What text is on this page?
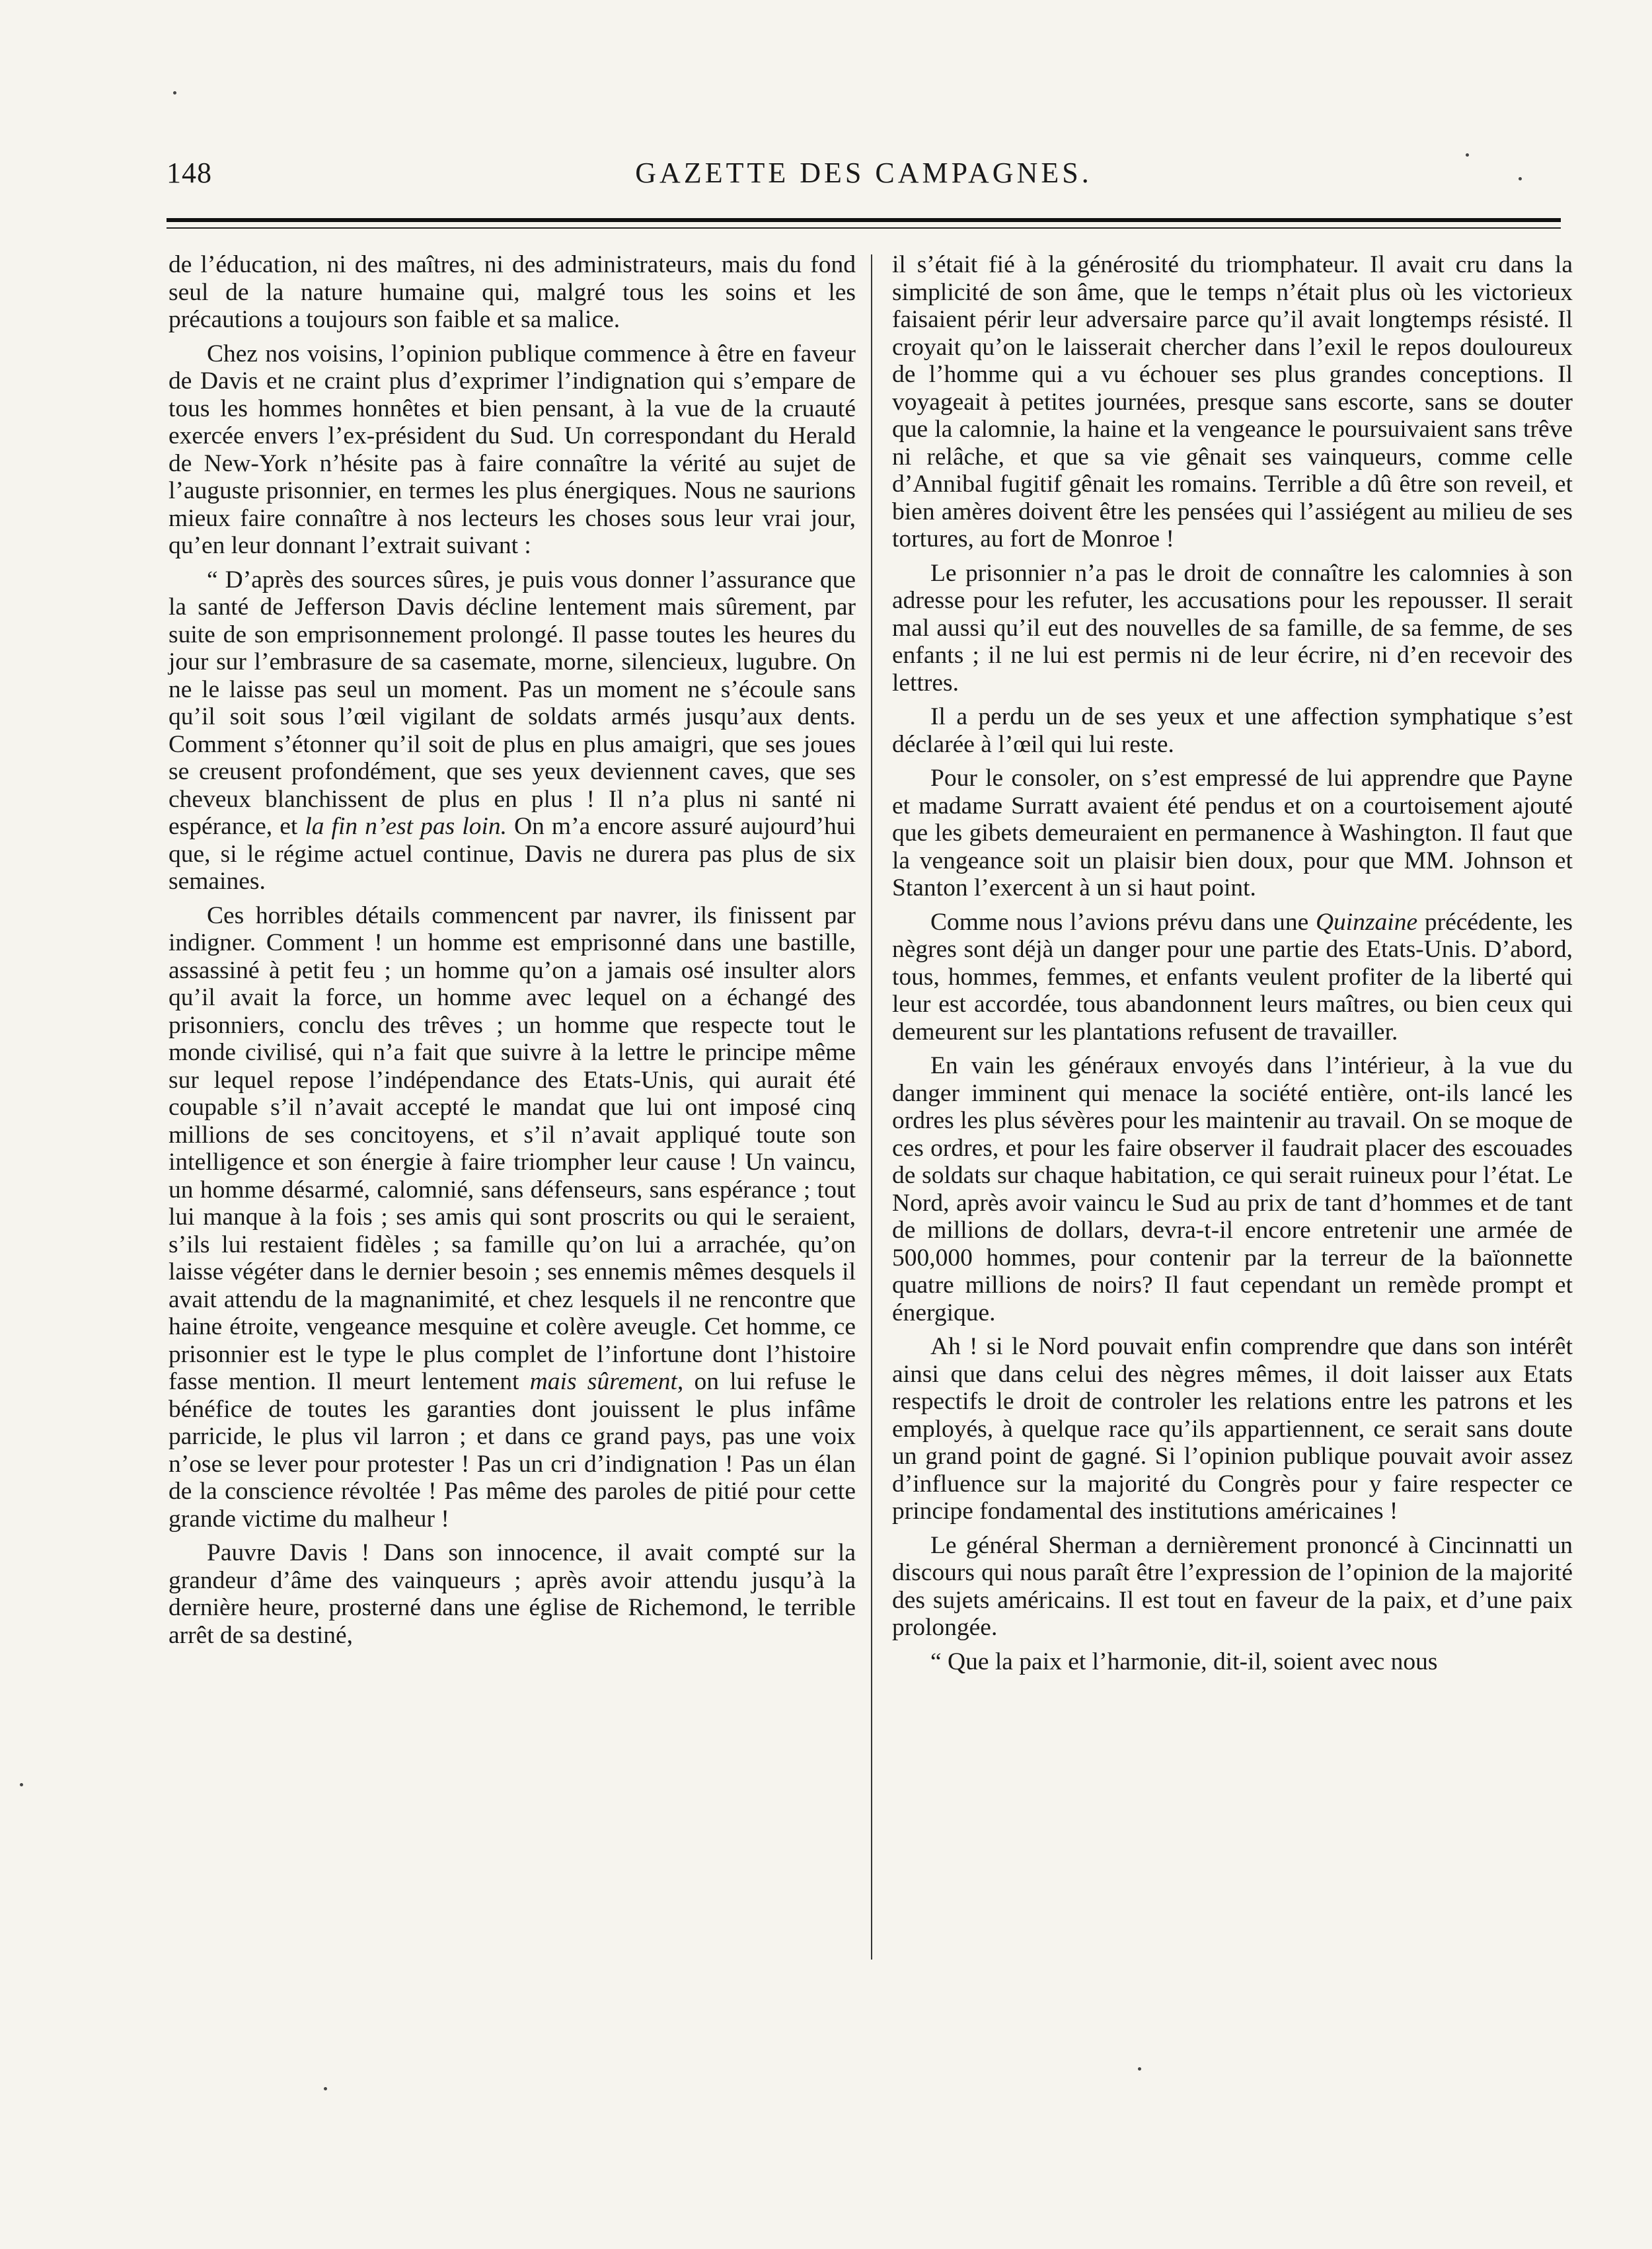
148	GAZETTE DES CAMPAGNES.

de l’éducation, ni des maîtres, ni des administrateurs, mais du fond seul de la nature humaine qui, malgré tous les soins et les précautions a toujours son faible et sa malice.

Chez nos voisins, l’opinion publique commence à être en faveur de Davis et ne craint plus d’exprimer l’indignation qui s’empare de tous les hommes honnêtes et bien pensant, à la vue de la cruauté exercée envers l’ex-président du Sud. Un correspondant du Herald de New-York n’hésite pas à faire connaître la vérité au sujet de l’auguste prisonnier, en termes les plus énergiques. Nous ne saurions mieux faire connaître à nos lecteurs les choses sous leur vrai jour, qu’en leur donnant l’extrait suivant :

“ D’après des sources sûres, je puis vous donner l’assurance que la santé de Jefferson Davis décline lentement mais sûrement, par suite de son emprisonnement prolongé. Il passe toutes les heures du jour sur l’embrasure de sa casemate, morne, silencieux, lugubre. On ne le laisse pas seul un moment. Pas un moment ne s’écoule sans qu’il soit sous l’œil vigilant de soldats armés jusqu’aux dents. Comment s’étonner qu’il soit de plus en plus amaigri, que ses joues se creusent profondément, que ses yeux deviennent caves, que ses cheveux blanchissent de plus en plus ! Il n’a plus ni santé ni espérance, et la fin n’est pas loin. On m’a encore assuré aujourd’hui que, si le régime actuel continue, Davis ne durera pas plus de six semaines.

Ces horribles détails commencent par navrer, ils finissent par indigner. Comment ! un homme est emprisonné dans une bastille, assassiné à petit feu ; un homme qu’on a jamais osé insulter alors qu’il avait la force, un homme avec lequel on a échangé des prisonniers, conclu des trêves ; un homme que respecte tout le monde civilisé, qui n’a fait que suivre à la lettre le principe même sur lequel repose l’indépendance des Etats-Unis, qui aurait été coupable s’il n’avait accepté le mandat que lui ont imposé cinq millions de ses concitoyens, et s’il n’avait appliqué toute son intelligence et son énergie à faire triompher leur cause ! Un vaincu, un homme désarmé, calomnié, sans défenseurs, sans espérance ; tout lui manque à la fois ; ses amis qui sont proscrits ou qui le seraient, s’ils lui restaient fidèles ; sa famille qu’on lui a arrachée, qu’on laisse végéter dans le dernier besoin ; ses ennemis mêmes desquels il avait attendu de la magnanimité, et chez lesquels il ne rencontre que haine étroite, vengeance mesquine et colère aveugle. Cet homme, ce prisonnier est le type le plus complet de l’infortune dont l’histoire fasse mention. Il meurt lentement mais sûrement, on lui refuse le bénéfice de toutes les garanties dont jouissent le plus infâme parricide, le plus vil larron ; et dans ce grand pays, pas une voix n’ose se lever pour protester ! Pas un cri d’indignation ! Pas un élan de la conscience révoltée ! Pas même des paroles de pitié pour cette grande victime du malheur !

Pauvre Davis ! Dans son innocence, il avait compté sur la grandeur d’âme des vainqueurs ; après avoir attendu jusqu’à la dernière heure, prosterné dans une église de Richemond, le terrible arrêt de sa destiné,

il s’était fié à la générosité du triomphateur. Il avait cru dans la simplicité de son âme, que le temps n’était plus où les victorieux faisaient périr leur adversaire parce qu’il avait longtemps résisté. Il croyait qu’on le laisserait chercher dans l’exil le repos douloureux de l’homme qui a vu échouer ses plus grandes conceptions. Il voyageait à petites journées, presque sans escorte, sans se douter que la calomnie, la haine et la vengeance le poursuivaient sans trêve ni relâche, et que sa vie gênait ses vainqueurs, comme celle d’Annibal fugitif gênait les romains. Terrible a dû être son reveil, et bien amères doivent être les pensées qui l’assiégent au milieu de ses tortures, au fort de Monroe !

Le prisonnier n’a pas le droit de connaître les calomnies à son adresse pour les refuter, les accusations pour les repousser. Il serait mal aussi qu’il eut des nouvelles de sa famille, de sa femme, de ses enfants ; il ne lui est permis ni de leur écrire, ni d’en recevoir des lettres.

Il a perdu un de ses yeux et une affection symphatique s’est déclarée à l’œil qui lui reste.

Pour le consoler, on s’est empressé de lui apprendre que Payne et madame Surratt avaient été pendus et on a courtoisement ajouté que les gibets demeuraient en permanence à Washington. Il faut que la vengeance soit un plaisir bien doux, pour que MM. Johnson et Stanton l’exercent à un si haut point.

Comme nous l’avions prévu dans une Quinzaine précédente, les nègres sont déjà un danger pour une partie des Etats-Unis. D’abord, tous, hommes, femmes, et enfants veulent profiter de la liberté qui leur est accordée, tous abandonnent leurs maîtres, ou bien ceux qui demeurent sur les plantations refusent de travailler.

En vain les généraux envoyés dans l’intérieur, à la vue du danger imminent qui menace la société entière, ont-ils lancé les ordres les plus sévères pour les maintenir au travail. On se moque de ces ordres, et pour les faire observer il faudrait placer des escouades de soldats sur chaque habitation, ce qui serait ruineux pour l’état. Le Nord, après avoir vaincu le Sud au prix de tant d’hommes et de tant de millions de dollars, devra-t-il encore entretenir une armée de 500,000 hommes, pour contenir par la terreur de la baïonnette quatre millions de noirs? Il faut cependant un remède prompt et énergique.

Ah ! si le Nord pouvait enfin comprendre que dans son intérêt ainsi que dans celui des nègres mêmes, il doit laisser aux Etats respectifs le droit de controler les relations entre les patrons et les employés, à quelque race qu’ils appartiennent, ce serait sans doute un grand point de gagné. Si l’opinion publique pouvait avoir assez d’influence sur la majorité du Congrès pour y faire respecter ce principe fondamental des institutions américaines !

Le général Sherman a dernièrement prononcé à Cincinnatti un discours qui nous paraît être l’expression de l’opinion de la majorité des sujets américains. Il est tout en faveur de la paix, et d’une paix prolongée.

“ Que la paix et l’harmonie, dit-il, soient avec nous
